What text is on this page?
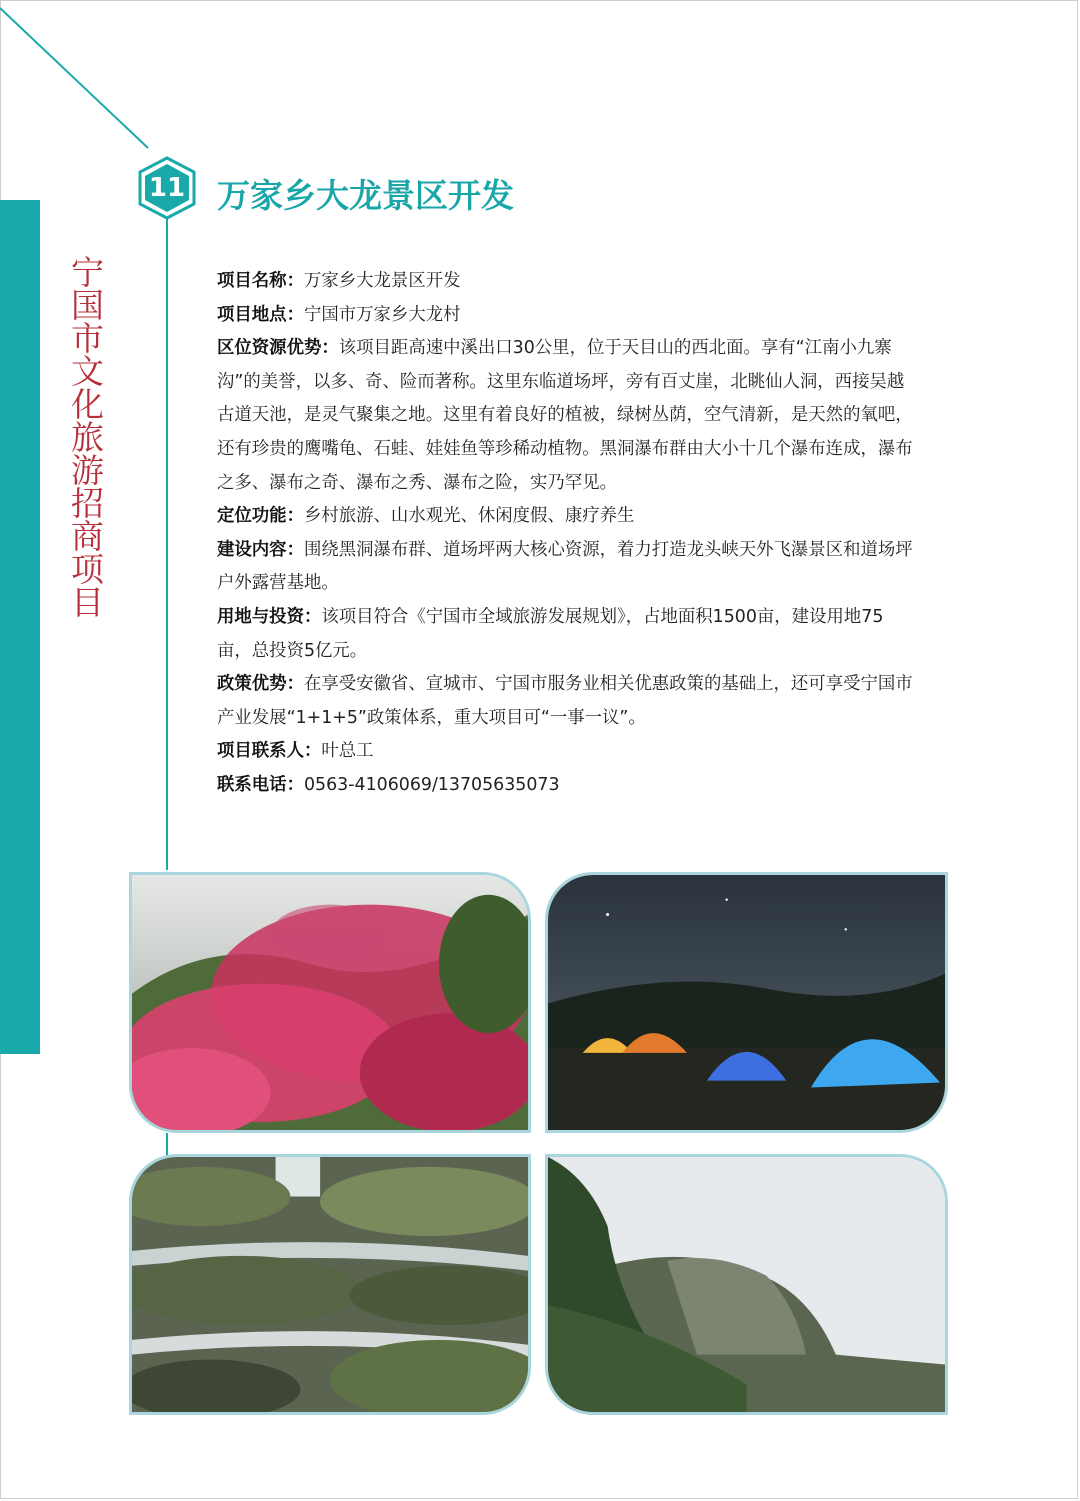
11
宁国市文化旅游招商项目
万家乡大龙景区开发

项目名称：万家乡大龙景区开发

项目地点：宁国市万家乡大龙村

区位资源优势：该项目距高速中溪出口30公里，位于天目山的西北面。享有“江南小九寨沟”的美誉，以多、奇、险而著称。这里东临道场坪，旁有百丈崖，北眺仙人洞，西接吴越古道天池，是灵气聚集之地。这里有着良好的植被，绿树丛荫，空气清新，是天然的氧吧，还有珍贵的鹰嘴龟、石蛙、娃娃鱼等珍稀动植物。黑洞瀑布群由大小十几个瀑布连成，瀑布之多、瀑布之奇、瀑布之秀、瀑布之险，实乃罕见。

定位功能：乡村旅游、山水观光、休闲度假、康疗养生

建设内容：围绕黑洞瀑布群、道场坪两大核心资源，着力打造龙头峡天外飞瀑景区和道场坪户外露营基地。

用地与投资：该项目符合《宁国市全域旅游发展规划》，占地面积1500亩，建设用地75亩，总投资5亿元。

政策优势：在享受安徽省、宣城市、宁国市服务业相关优惠政策的基础上，还可享受宁国市产业发展“1+1+5”政策体系，重大项目可“一事一议”。

项目联系人：叶总工

联系电话：0563-4106069/13705635073
